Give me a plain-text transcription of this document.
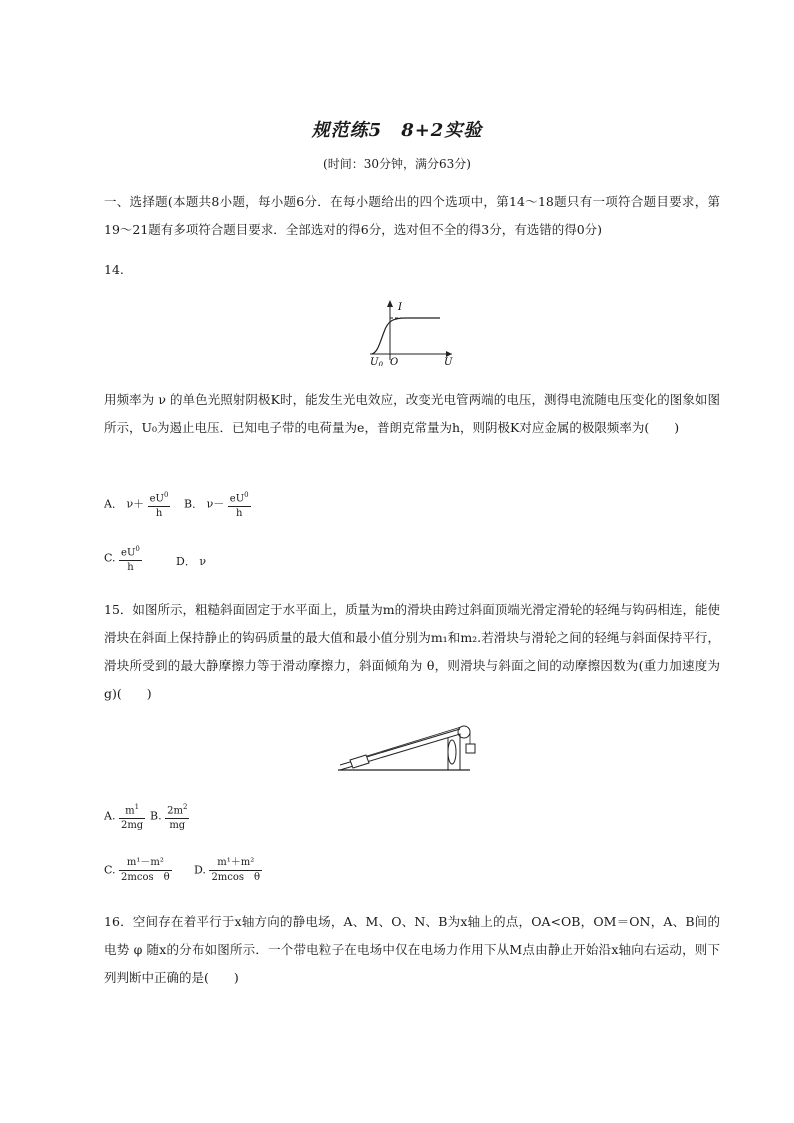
规范练5　8+2实验
(时间：30分钟，满分63分)
一、选择题(本题共8小题，每小题6分．在每小题给出的四个选项中，第14～18题只有一项符合题目要求，第19～21题有多项符合题目要求．全部选对的得6分，选对但不全的得3分，有选错的得0分)
14.
I
U
O
$U_0$
用频率为 ν 的单色光照射阴极K时，能发生光电效应，改变光电管两端的电压，测得电流随电压变化的图象如图所示，U₀为遏止电压．已知电子带的电荷量为e，普朗克常量为h，则阴极K对应金属的极限频率为(　　)
A． $\nu+ \frac{eU^0}{h}$ B． $\nu- \frac{eU^0}{h}$
C. $\frac{eU^0}{h}$	D． ν
15．如图所示，粗糙斜面固定于水平面上，质量为m的滑块由跨过斜面顶端光滑定滑轮的轻绳与钩码相连，能使滑块在斜面上保持静止的钩码质量的最大值和最小值分别为m₁和m₂.若滑块与滑轮之间的轻绳与斜面保持平行，滑块所受到的最大静摩擦力等于滑动摩擦力，斜面倾角为 θ，则滑块与斜面之间的动摩擦因数为(重力加速度为g)(　　)
A. $\frac{m^1}{2mg} B$. $\frac{2m^2}{mg}$
C. $\frac{\text{m¹－m²}}{\text{2mcos　θ}} D$. $\frac{\text{m¹＋m²}}{\text{2mcos　θ}}$
16．空间存在着平行于x轴方向的静电场，A、M、O、N、B为x轴上的点，OA<OB，OM＝ON，A、B间的电势 φ 随x的分布如图所示．一个带电粒子在电场中仅在电场力作用下从M点由静止开始沿x轴向右运动，则下列判断中正确的是(　　)
